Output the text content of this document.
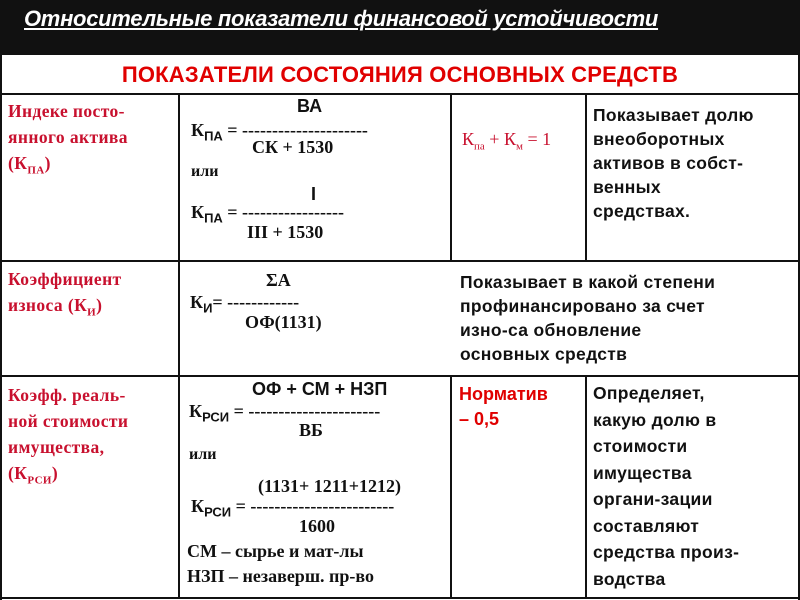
Относительные показатели финансовой устойчивости
ПОКАЗАТЕЛИ СОСТОЯНИЯ ОСНОВНЫХ СРЕДСТВ
Индеке посто-
янного актива
$(К_{ПА})$
ВА
$К_{ПА}$ = ---------------------
СК + 1530
или
I
$К_{ПА}$ = -----------------
III + 1530
$К_{па} + К_м = 1$
Показывает долю
внеоборотных
активов в собст-
венных
средствах.
Коэффициент
износа $(К_И)$
ΣА
$К_И=$ ------------
ОФ(1131)
Показывает в какой степени
профинансировано за счет
изно-са обновление
основных средств
Коэфф. реаль-
ной стоимости
имущества,
$(К_{РСИ})$
ОФ + СМ + НЗП
$К_{РСИ}$ = ----------------------
ВБ
или
(1131+ 1211+1212)
$К_{РСИ}$ = ------------------------
1600
СМ – сырье и мат-лы
НЗП – незаверш. пр-во
Норматив
– 0,5
Определяет,
какую долю в
стоимости
имущества
органи-зации
составляют
средства произ-
водства
